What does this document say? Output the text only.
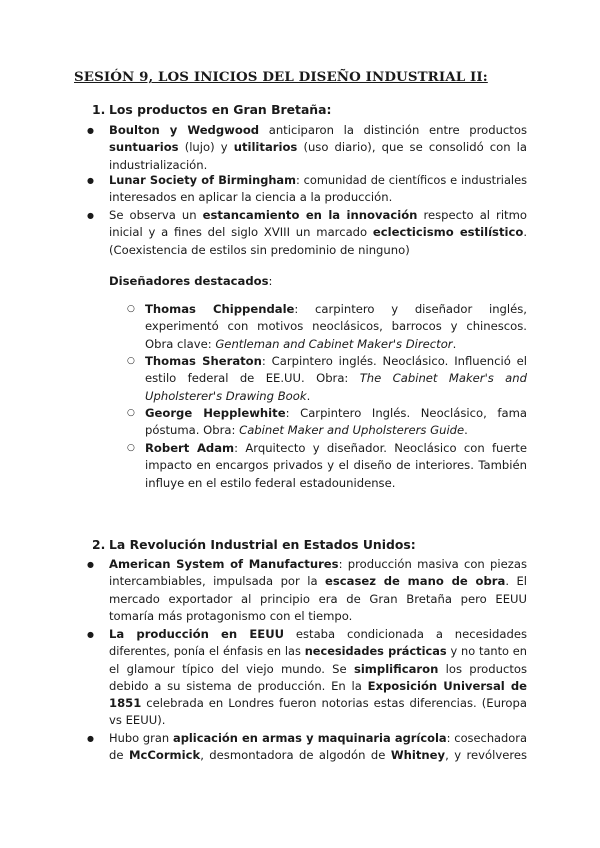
SESIÓN 9, LOS INICIOS DEL DISEÑO INDUSTRIAL II:
1. Los productos en Gran Bretaña:

● Boulton y Wedgwood anticiparon la distinción entre productos
suntuarios (lujo) y utilitarios (uso diario), que se consolidó con la
industrialización.

● Lunar Society of Birmingham: comunidad de científicos e industriales
interesados en aplicar la ciencia a la producción.

● Se observa un estancamiento en la innovación respecto al ritmo
inicial y a fines del siglo XVIII un marcado eclecticismo estilístico.
(Coexistencia de estilos sin predominio de ninguno)

Diseñadores destacados:

○ Thomas Chippendale: carpintero y diseñador inglés,
experimentó con motivos neoclásicos, barrocos y chinescos.
Obra clave: Gentleman and Cabinet Maker's Director.

○ Thomas Sheraton: Carpintero inglés. Neoclásico. Influenció el
estilo federal de EE.UU. Obra: The Cabinet Maker's and
Upholsterer's Drawing Book.

○ George Hepplewhite: Carpintero Inglés. Neoclásico, fama
póstuma. Obra: Cabinet Maker and Upholsterers Guide.

○ Robert Adam: Arquitecto y diseñador. Neoclásico con fuerte
impacto en encargos privados y el diseño de interiores. También
influye en el estilo federal estadounidense.

2. La Revolución Industrial en Estados Unidos:

● American System of Manufactures: producción masiva con piezas
intercambiables, impulsada por la escasez de mano de obra. El
mercado exportador al principio era de Gran Bretaña pero EEUU
tomaría más protagonismo con el tiempo.

● La producción en EEUU estaba condicionada a necesidades
diferentes, ponía el énfasis en las necesidades prácticas y no tanto en
el glamour típico del viejo mundo. Se simplificaron los productos
debido a su sistema de producción. En la Exposición Universal de
1851 celebrada en Londres fueron notorias estas diferencias. (Europa
vs EEUU).

● Hubo gran aplicación en armas y maquinaria agrícola: cosechadora
de McCormick, desmontadora de algodón de Whitney, y revólveres
